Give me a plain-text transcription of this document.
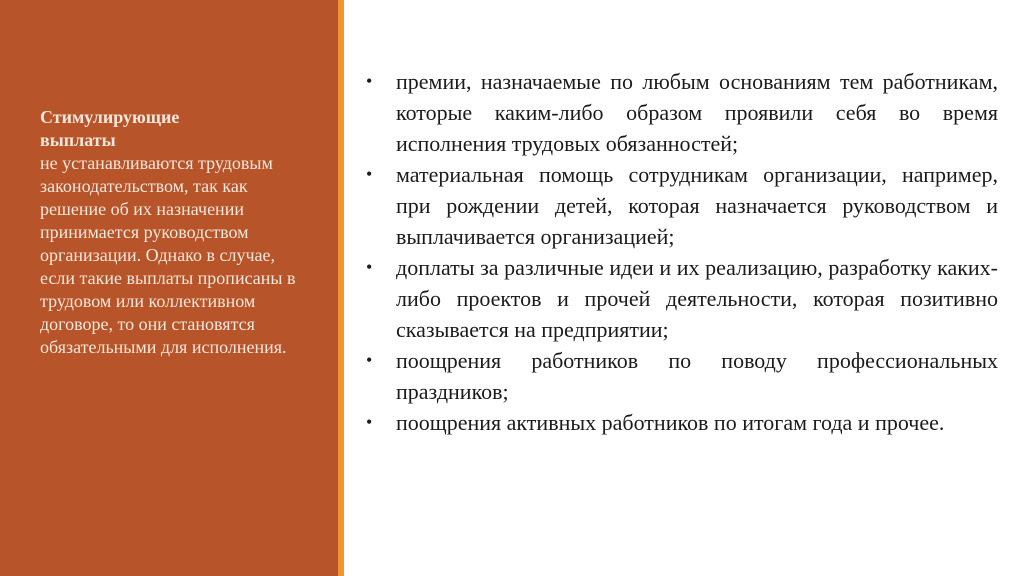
Стимулирующие
выплаты

не устанавливаются трудовым законодательством, так как решение об их назначении принимается руководством организации. Однако в случае, если такие выплаты прописаны в трудовом или коллективном договоре, то они становятся обязательными для исполнения.

• премии, назначаемые по любым основаниям тем работникам, которые каким-либо образом проявили себя во время исполнения трудовых обязанностей;
• материальная помощь сотрудникам организации, например, при рождении детей, которая назначается руководством и выплачивается организацией;
• доплаты за различные идеи и их реализацию, разработку каких-либо проектов и прочей деятельности, которая позитивно сказывается на предприятии;
• поощрения работников по поводу профессиональных праздников;
• поощрения активных работников по итогам года и прочее.
